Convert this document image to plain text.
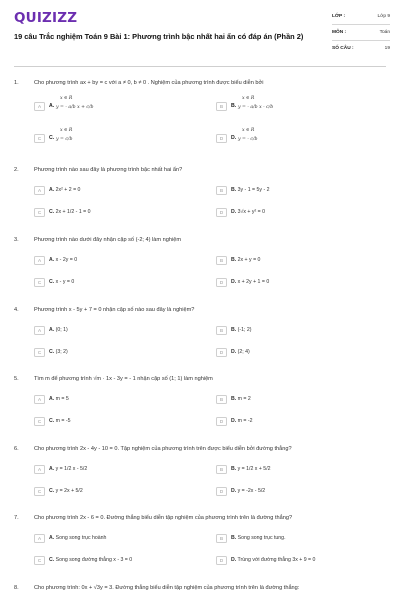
QUIZIZZ
19 câu Trắc nghiệm Toán 9 Bài 1: Phương trình bậc nhất hai ẩn có đáp án (Phần 2)
LỚP :	Lớp 9
MÔN :	Toán
SỐ CÂU :	19
1.	Cho phương trình ax + by = c với a ≠ 0, b ≠ 0 . Nghiệm của phương trình được biểu diễn bởi
A	A.
x ∈ R
y = - a/b x + c/b	B	B.
x ∈ R
y = - a/b x - c/b
C	C.
x ∈ R
y = c/b	D	D.
x ∈ R
y = - c/b
2.	Phương trình nào sau đây là phương trình bậc nhất hai ẩn?
A	A. 2x² + 2 = 0	B	B. 3y - 1 = 5y - 2
C	C. 2x + 1/2 - 1 = 0	D	D. 3√x + y² = 0
3.	Phương trình nào dưới đây nhận cặp số (-2; 4) làm nghiệm
A	A. x - 2y = 0	B	B. 2x + y = 0
C	C. x - y = 0	D	D. x + 2y + 1 = 0
4.	Phương trình x - 5y + 7 = 0 nhận cặp số nào sau đây là nghiệm?
A	A. (0; 1)	B	B. (-1; 2)
C	C. (3; 2)	D	D. (2; 4)
5.	Tìm m để phương trình √m · 1x - 3y = - 1 nhận cặp số (1; 1) làm nghiệm
A	A. m = 5	B	B. m = 2
C	C. m = -5	D	D. m = -2
6.	Cho phương trình 2x - 4y - 10 = 0. Tập nghiệm của phương trình trên được biểu diễn bởi đường thẳng?
A	A. y = 1/2 x - 5/2	B	B. y = 1/2 x + 5/2
C	C. y = 2x + 5/2	D	D. y = -2x - 5/2
7.	Cho phương trình 2x - 6 = 0. Đường thẳng biểu diễn tập nghiệm của phương trình trên là đường thẳng?
A	A. Song song trục hoành	B	B. Song song trục tung.
C	C. Song song đường thẳng x - 3 = 0	D	D. Trùng với đường thẳng 3x + 9 = 0
8.	Cho phương trình: 0x + √3y = 3. Đường thẳng biểu diễn tập nghiệm của phương trình trên là đường thẳng:
